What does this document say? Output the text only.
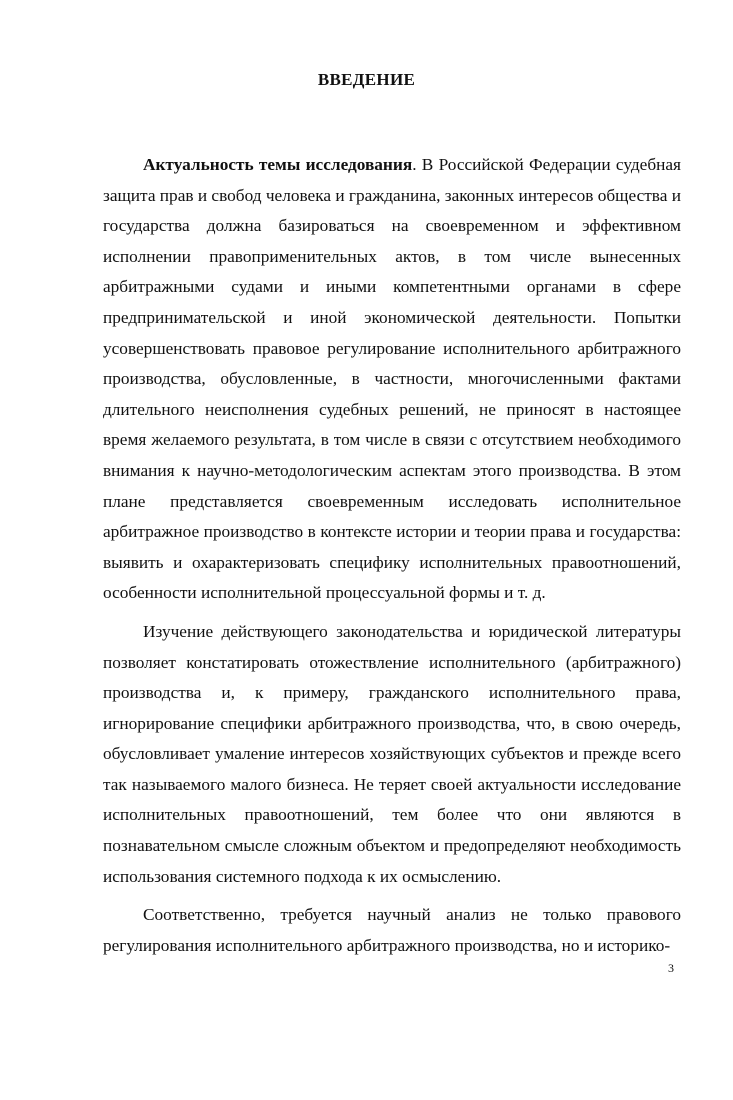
ВВЕДЕНИЕ

Актуальность темы исследования. В Российской Федерации судебная защита прав и свобод человека и гражданина, законных интересов общества и государства должна базироваться на своевременном и эффективном исполнении правоприменительных актов, в том числе вынесенных арбитражными судами и иными компетентными органами в сфере предпринимательской и иной экономической деятельности. Попытки усовершенствовать правовое регулирование исполнительного арбитражного производства, обусловленные, в частности, многочисленными фактами длительного неисполнения судебных решений, не приносят в настоящее время желаемого результата, в том числе в связи с отсутствием необходимого внимания к научно-методологическим аспектам этого производства. В этом плане представляется своевременным исследовать исполнительное арбитражное производство в контексте истории и теории права и государства: выявить и охарактеризовать специфику исполнительных правоотношений, особенности исполнительной процессуальной формы и т. д.

Изучение действующего законодательства и юридической литературы позволяет констатировать отожествление исполнительного (арбитражного) производства и, к примеру, гражданского исполнительного права, игнорирование специфики арбитражного производства, что, в свою очередь, обусловливает умаление интересов хозяйствующих субъектов и прежде всего так называемого малого бизнеса. Не теряет своей актуальности исследование исполнительных правоотношений, тем более что они являются в познавательном смысле сложным объектом и предопределяют необходимость использования системного подхода к их осмыслению.

Соответственно, требуется научный анализ не только правового регулирования исполнительного арбитражного производства, но и историко-

3
